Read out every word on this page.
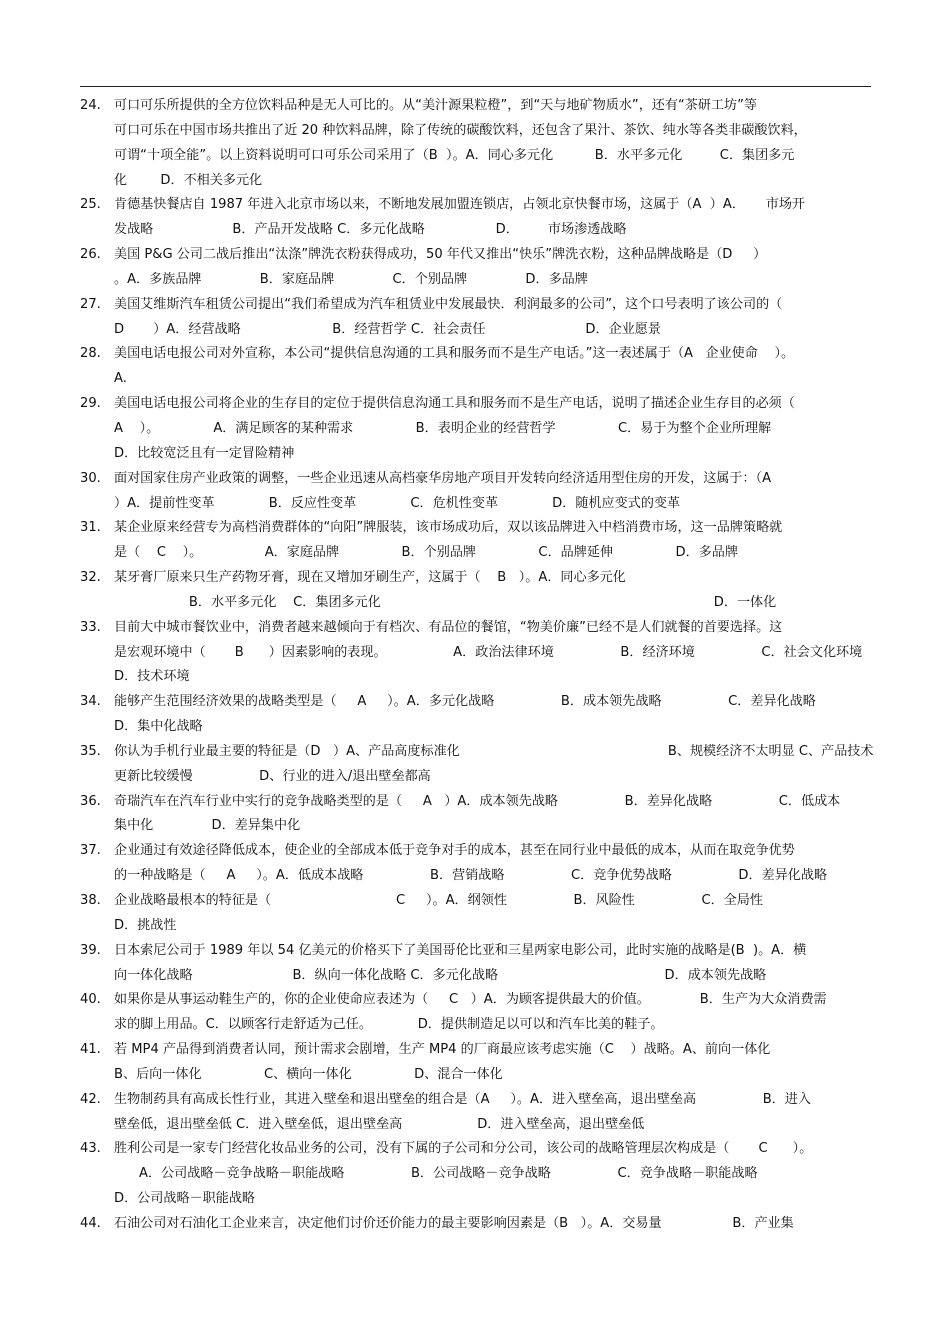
24.	可口可乐所提供的全方位饮料品种是无人可比的。从“美汁源果粒橙”，到“天与地矿物质水”，还有“茶研工坊”等
可口可乐在中国市场共推出了近 20 种饮料品牌，除了传统的碳酸饮料，还包含了果汁、茶饮、纯水等各类非碳酸饮料，
可谓“十项全能”。以上资料说明可口可乐公司采用了（B  ）。A．同心多元化          B．水平多元化         C．集团多元
化        D．不相关多元化
25.	肯德基快餐店自 1987 年进入北京市场以来，不断地发展加盟连锁店，占领北京快餐市场，这属于（A  ）A．     市场开
发战略                   B．产品开发战略 C．多元化战略                 D．       市场渗透战略
26.	美国 P&G 公司二战后推出“汰涤”牌洗衣粉获得成功，50 年代又推出“快乐”牌洗衣粉，这种品牌战略是（D     ）
。A．多族品牌              B．家庭品牌              C．个别品牌              D．多品牌
27.	美国艾维斯汽车租赁公司提出“我们希望成为汽车租赁业中发展最快．利润最多的公司”，这个口号表明了该公司的（
D       ）A．经营战略                      B．经营哲学 C．社会责任                        D．企业愿景
28.	美国电话电报公司对外宣称，本公司“提供信息沟通的工具和服务而不是生产电话。”这一表述属于（A   企业使命    ）。
A.
29.	美国电话电报公司将企业的生存目的定位于提供信息沟通工具和服务而不是生产电话，说明了描述企业生存目的必须（
A    ）。             A．满足顾客的某种需求               B．表明企业的经营哲学               C．易于为整个企业所理解
D．比较宽泛且有一定冒险精神
30.	面对国家住房产业政策的调整，一些企业迅速从高档豪华房地产项目开发转向经济适用型住房的开发，这属于：（A
）A．提前性变革             B．反应性变革             C．危机性变革             D．随机应变式的变革
31.	某企业原来经营专为高档消费群体的“向阳”牌服装，该市场成功后，双以该品牌进入中档消费市场，这一品牌策略就
是（    C    ）。               A．家庭品牌               B．个别品牌               C．品牌延伸               D．多品牌
32.	某牙膏厂原来只生产药物牙膏，现在又增加牙刷生产，这属于（    B   ）。A．同心多元化
B．水平多元化    C．集团多元化                                                                                D．一体化
33.	目前大中城市餐饮业中，消费者越来越倾向于有档次、有品位的餐馆，“物美价廉”已经不是人们就餐的首要选择。这
是宏观环境中（       B      ）因素影响的表现。                A．政治法律环境                B．经济环境                C．社会文化环境
D．技术环境
34.	能够产生范围经济效果的战略类型是（     A     ）。A．多元化战略                B．成本领先战略                C．差异化战略
D．集中化战略
35.	你认为手机行业最主要的特征是（D   ）A、产品高度标准化                                                  B、规模经济不太明显 C、产品技术
更新比较缓慢                D、行业的进入/退出壁垒都高
36.	奇瑞汽车在汽车行业中实行的竞争战略类型的是（     A   ）A．成本领先战略                B．差异化战略                C．低成本
集中化              D．差异集中化
37.	企业通过有效途径降低成本，使企业的全部成本低于竞争对手的成本，甚至在同行业中最低的成本，从而在取竞争优势
的一种战略是（     A     ）。A．低成本战略                B．营销战略                C．竞争优势战略                D．差异化战略
38.	企业战略最根本的特征是（                              C     ）。A．纲领性                B．风险性                C．全局性
D．挑战性
39.	日本索尼公司于 1989 年以 54 亿美元的价格买下了美国哥伦比亚和三星两家电影公司，此时实施的战略是(B  )。A．横
向一体化战略                        B．纵向一体化战略 C．多元化战略                                        D．成本领先战略
40.	如果你是从事运动鞋生产的，你的企业使命应表述为（     C   ）A．为顾客提供最大的价值。            B．生产为大众消费需
求的脚上用品。C．以顾客行走舒适为己任。           D．提供制造足以可以和汽车比美的鞋子。
41.	若 MP4 产品得到消费者认同，预计需求会剧增，生产 MP4 的厂商最应该考虑实施（C    ）战略。A、前向一体化
B、后向一体化               C、横向一体化               D、混合一体化
42.	生物制药具有高成长性行业，其进入壁垒和退出壁垒的组合是（A     ）。A．进入壁垒高，退出壁垒高                B．进入
壁垒低，退出壁垒低 C．进入壁垒低，退出壁垒高                  D．进入壁垒高，退出壁垒低
43.	胜利公司是一家专门经营化妆品业务的公司，没有下属的子公司和分公司，该公司的战略管理层次构成是（       C      ）。
A．公司战略－竞争战略－职能战略                B．公司战略－竞争战略                C．竞争战略－职能战略
D．公司战略－职能战略
44.	石油公司对石油化工企业来言，决定他们讨价还价能力的最主要影响因素是（B   ）。A．交易量                 B．产业集
